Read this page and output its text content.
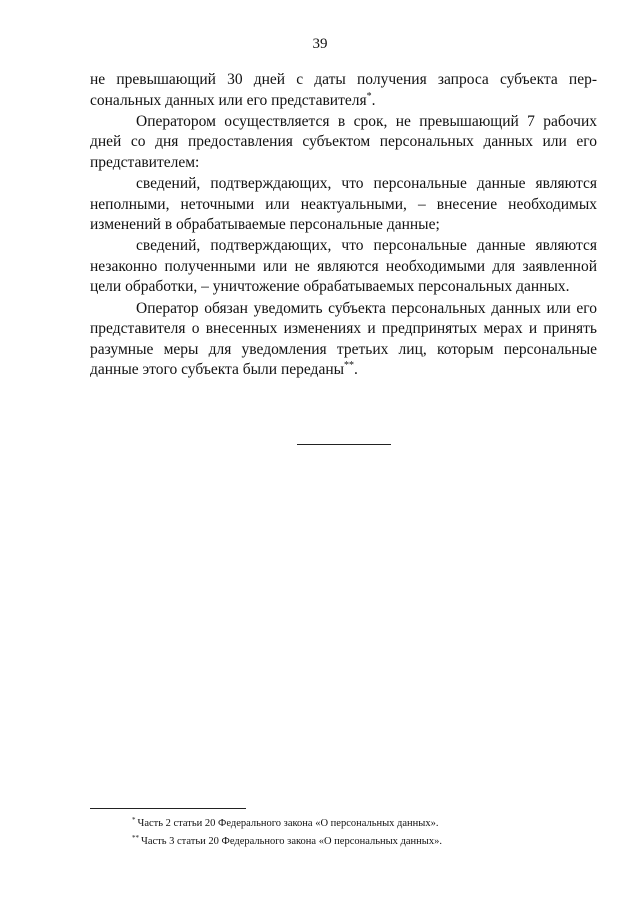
39

не превышающий 30 дней с даты получения запроса субъекта персональных данных или его представителя*.

Оператором осуществляется в срок, не превышающий 7 рабочих дней со дня предоставления субъектом персональных данных или его представителем:

сведений, подтверждающих, что персональные данные являются неполными, неточными или неактуальными, – внесение необходимых изменений в обрабатываемые персональные данные;

сведений, подтверждающих, что персональные данные являются незаконно полученными или не являются необходимыми для заявленной цели обработки, – уничтожение обрабатываемых персональных данных.

Оператор обязан уведомить субъекта персональных данных или его представителя о внесенных изменениях и предпринятых мерах и принять разумные меры для уведомления третьих лиц, которым персональные данные этого субъекта были переданы**.

* Часть 2 статьи 20 Федерального закона «О персональных данных».
** Часть 3 статьи 20 Федерального закона «О персональных данных».
